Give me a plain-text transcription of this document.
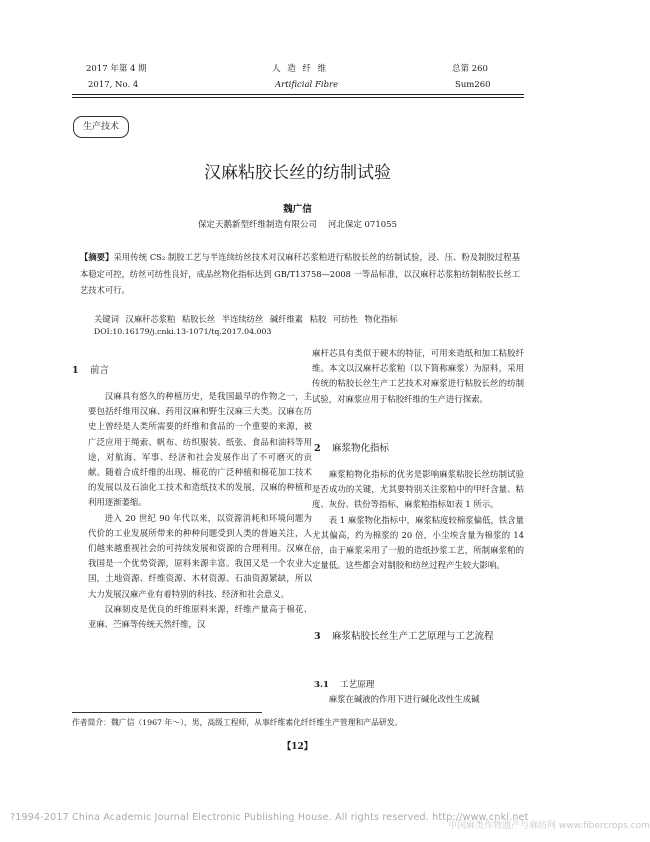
2017 年第 4 期
2017, No. 4
人 造 纤 维
Artificial Fibre
总第 260
Sum260
生产技术
汉麻粘胶长丝的纺制试验
魏广信
保定天鹅新型纤维制造有限公司    河北保定 071055
【摘要】采用传统 CS₂ 制胶工艺与半连续纺丝技术对汉麻秆芯浆粕进行粘胶长丝的纺制试验，浸、压、粉及制胶过程基本稳定可控，纺丝可纺性良好，成品丝物化指标达到 GB/T13758—2008 一等品标准，以汉麻秆芯浆粕纺制粘胶长丝工艺技术可行。
关键词 汉麻秆芯浆粕 粘胶长丝 半连续纺丝 碱纤维素 粘胶 可纺性 物化指标
DOI:10.16179/j.cnki.13-1071/tq.2017.04.003
1 前言

汉麻具有悠久的种植历史，是我国最早的作物之一，主要包括纤维用汉麻、药用汉麻和野生汉麻三大类。汉麻在历史上曾经是人类所需要的纤维和食品的一个重要的来源，被广泛应用于绳索、帆布、纺织服装、纸张、食品和油料等用途，对航海、军事、经济和社会发展作出了不可磨灭的贡献。随着合成纤维的出现、棉花的广泛种植和棉花加工技术的发展以及石油化工技术和造纸技术的发展，汉麻的种植和利用逐渐萎缩。

进入 20 世纪 90 年代以来，以资源消耗和环境问题为代价的工业发展所带来的种种问题受到人类的普遍关注，人们越来越重视社会的可持续发展和资源的合理利用。汉麻在我国是一个优势资源，原料来源丰富。我国又是一个农业大国，土地资源、纤维资源、木材资源、石油资源紧缺，所以大力发展汉麻产业有着特别的科技、经济和社会意义。

汉麻韧皮是优良的纤维原料来源，纤维产量高于棉花、亚麻、苎麻等传统天然纤维，汉

麻杆芯具有类似于硬木的特征，可用来造纸和加工粘胶纤维。本文以汉麻杆芯浆粕（以下简称麻浆）为原料，采用传统的粘胶长丝生产工艺技术对麻浆进行粘胶长丝的纺制试验，对麻浆应用于粘胶纤维的生产进行探索。

2 麻浆物化指标

麻浆粕物化指标的优劣是影响麻浆粘胶长丝纺制试验是否成功的关键，尤其要特别关注浆粕中的甲纤含量、粘度、灰份、铁份等指标，麻浆粕指标如表 1 所示。

表 1 麻浆物化指标中，麻浆粘度较棉浆偏低，铁含量尤其偏高，约为棉浆的 20 倍，小尘埃含量为棉浆的 14 倍，由于麻浆采用了一般的造纸抄浆工艺，所制麻浆粕的定量低。这些都会对制胶和纺丝过程产生较大影响。

3 麻浆粘胶长丝生产工艺原理与工艺流程
3.1 工艺原理

麻浆在碱液的作用下进行碱化改性生成碱

作者简介：魏广信（1967 年～），男，高级工程师，从事纤维素化纤纤维生产管理和产品研发。
【12】
?1994-2017 China Academic Journal Electronic Publishing House. All rights reserved. http://www.cnki.net
中国麻类作物遗产与麻纺网 www.fibercrops.com
